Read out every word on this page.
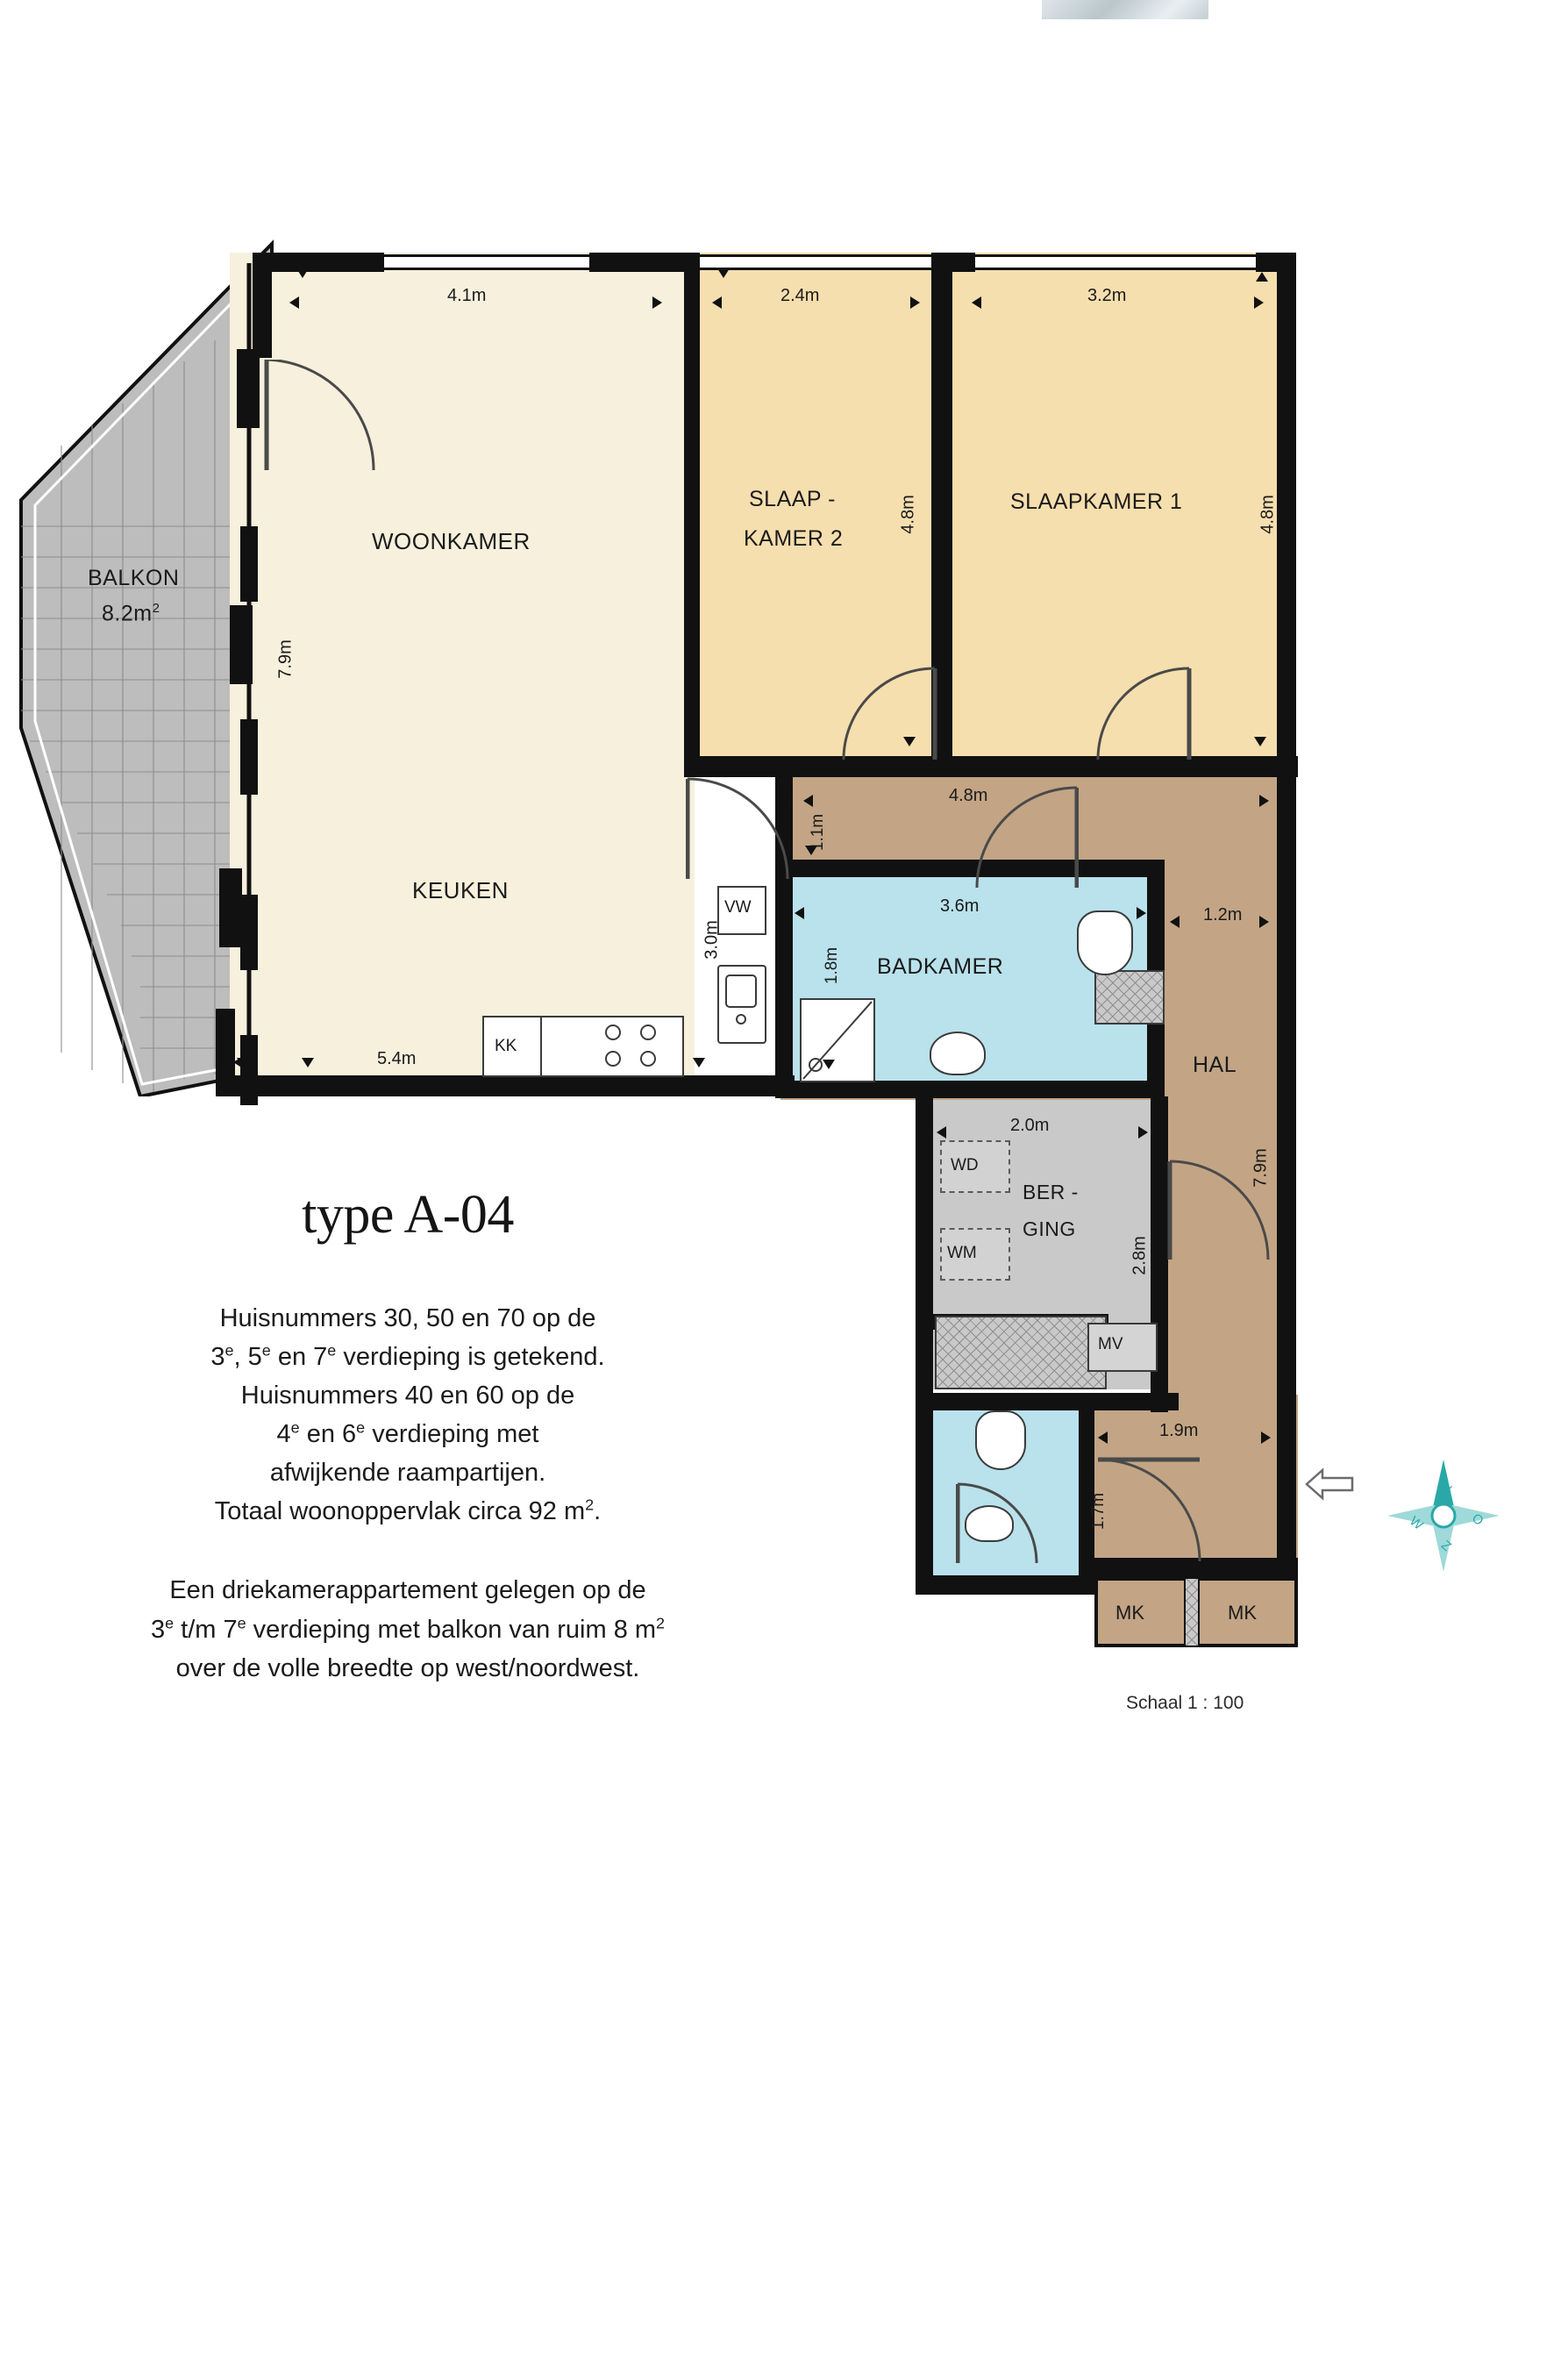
KK
VW
WD
WM
MV
MK	MK
BALKON
$8.2m^2$
WOONKAMER
SLAAP -
KAMER 2
SLAAPKAMER 1
KEUKEN
BADKAMER
HAL
BER -
GING
4.1m	2.4m	3.2m
7.9m
4.8m	4.8m
4.8m
1.1m
1.2m
7.9m
5.4m
3.0m
3.6m
1.8m
2.0m
2.8m
1.7m
1.9m
N
O
Z
W
Schaal 1 : 100
type A-04

Huisnummers 30, 50 en 70 op de

3e, 5e en 7e verdieping is getekend.

Huisnummers 40 en 60 op de

4e en 6e verdieping met

afwijkende raampartijen.

Totaal woonoppervlak circa 92 $m^2$.

Een driekamerappartement gelegen op de

3e t/m 7e verdieping met balkon van ruim 8 $m^2$

over de volle breedte op west/noordwest.
